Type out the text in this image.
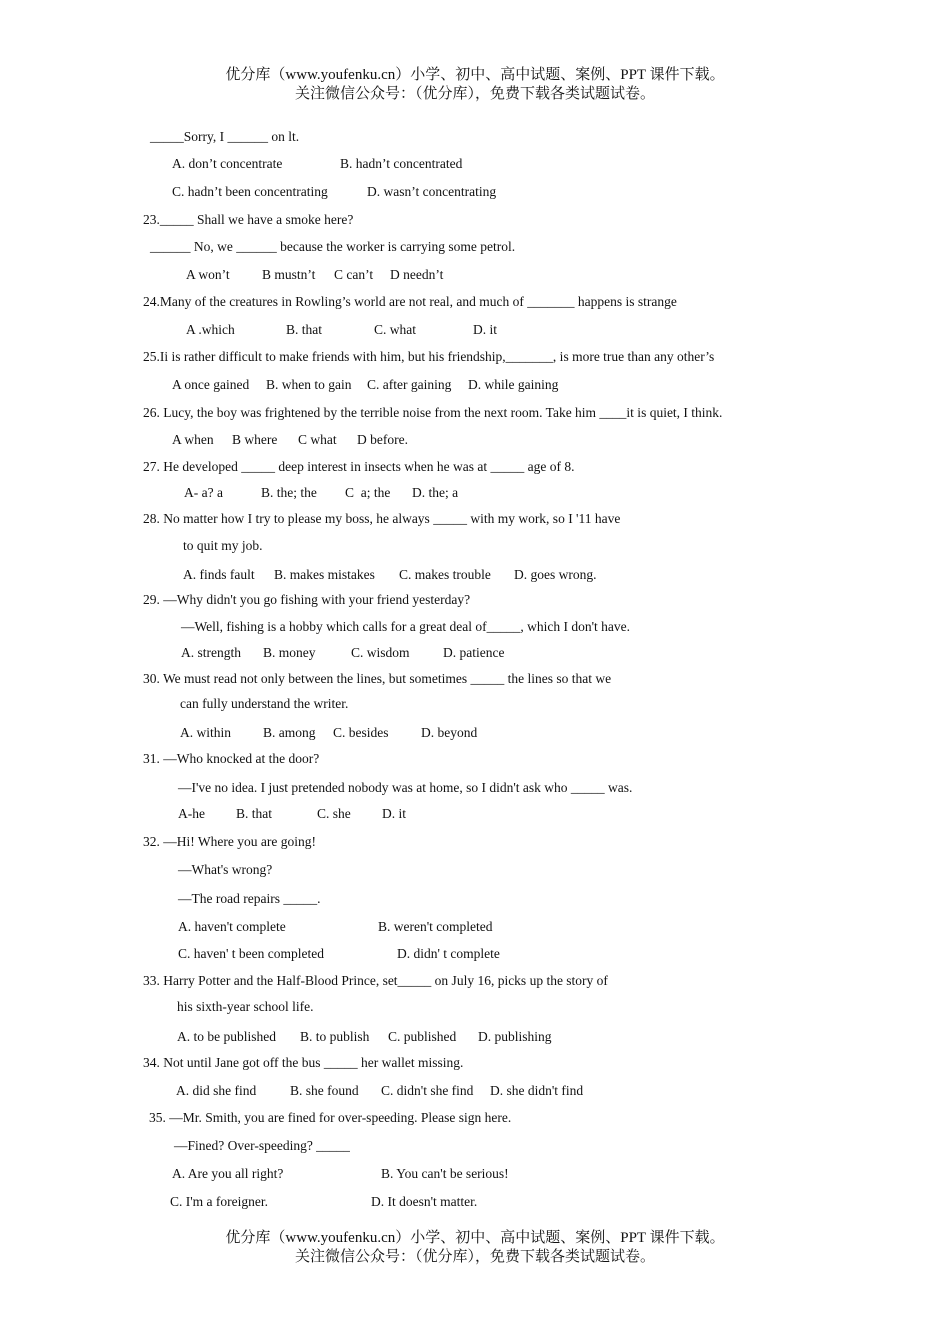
优分库（www.youfenku.cn）小学、初中、高中试题、案例、PPT 课件下载。
关注微信公众号：（优分库），免费下载各类试题试卷。
_____Sorry, I ______ on lt.
A. don’t concentrate	B. hadn’t concentrated
C. hadn’t been concentrating	D. wasn’t concentrating
23._____ Shall we have a smoke here?
______ No, we ______ because the worker is carrying some petrol.
A won’t B mustn’t C can’t D needn’t
24.Many of the creatures in Rowling’s world are not real, and much of _______ happens is strange
A .which	B. that	C. what	D. it
25.Ii is rather difficult to make friends with him, but his friendship,_______, is more true than any other’s
A once gained B. when to gain C. after gaining D. while gaining
26. Lucy, the boy was frightened by the terrible noise from the next room. Take him ____it is quiet, I think.
A when B where C what D before.
27. He developed _____ deep interest in insects when he was at _____ age of 8.
A- a? a	B. the; the C  a; the D. the; a
28. No matter how I try to please my boss, he always _____ with my work, so I '11 have
to quit my job.
A. finds fault B. makes mistakes C. makes trouble D. goes wrong.
29. —Why didn't you go fishing with your friend yesterday?
—Well, fishing is a hobby which calls for a great deal of_____, which I don't have.
A. strength B. money	C. wisdom D. patience
30. We must read not only between the lines, but sometimes _____ the lines so that we
can fully understand the writer.
A. within B. among C. besides D. beyond
31. —Who knocked at the door?
—I've no idea. I just pretended nobody was at home, so I didn't ask who _____ was.
A-he B. that	C. she D. it
32. —Hi! Where you are going!
—What's wrong?
—The road repairs _____.
A. haven't complete	B. weren't completed
C. haven' t been completed	D. didn' t complete
33. Harry Potter and the Half-Blood Prince, set_____ on July 16, picks up the story of
his sixth-year school life.
A. to be published B. to publish C. published D. publishing
34. Not until Jane got off the bus _____ her wallet missing.
A. did she find	B. she found C. didn't she find D. she didn't find
35. —Mr. Smith, you are fined for over-speeding. Please sign here.
—Fined? Over-speeding? _____
A. Are you all right?	B. You can't be serious!
C. I'm a foreigner.	D. It doesn't matter.
优分库（www.youfenku.cn）小学、初中、高中试题、案例、PPT 课件下载。
关注微信公众号：（优分库），免费下载各类试题试卷。
